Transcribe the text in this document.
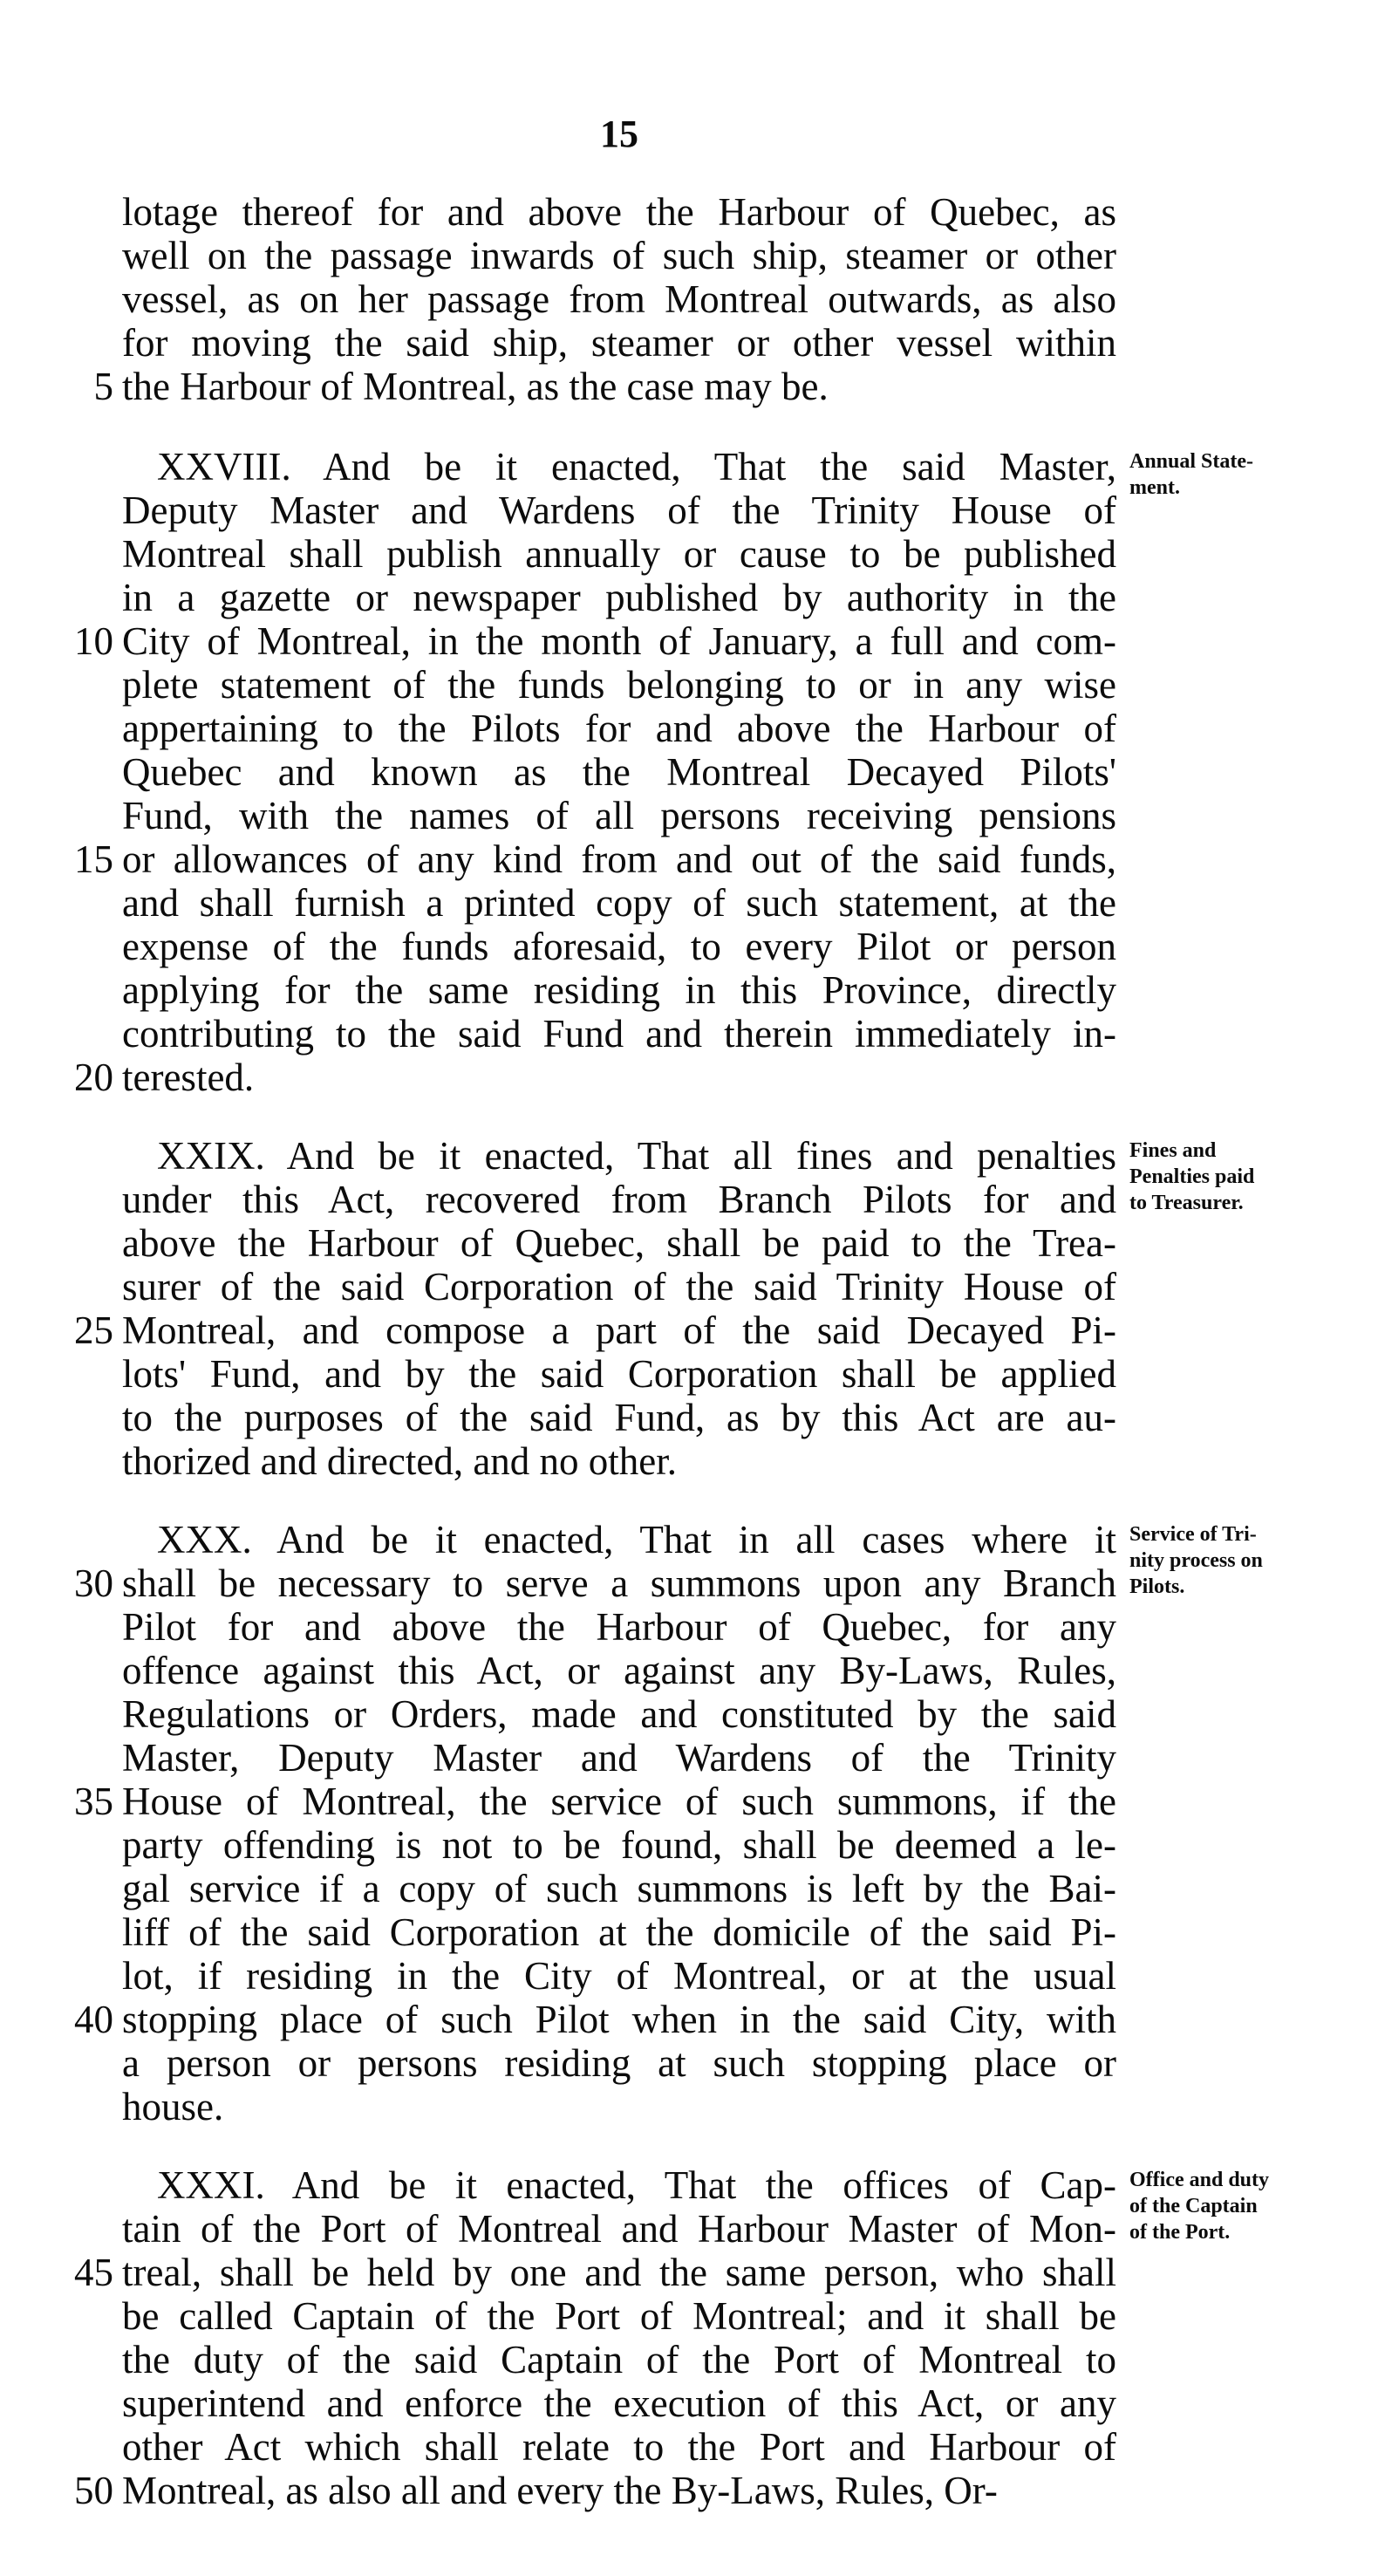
15
lotage thereof for and above the Harbour of Quebec, as
well on the passage inwards of such ship, steamer or other
vessel, as on her passage from Montreal outwards, as also
for moving the said ship, steamer or other vessel within
the Harbour of Montreal, as the case may be.
5
XXVIII. And be it enacted, That the said Master,
Deputy Master and Wardens of the Trinity House of
Montreal shall publish annually or cause to be published
in a gazette or newspaper published by authority in the
City of Montreal, in the month of January, a full and com-
10
plete statement of the funds belonging to or in any wise
appertaining to the Pilots for and above the Harbour of
Quebec and known as the Montreal Decayed Pilots'
Fund, with the names of all persons receiving pensions
or allowances of any kind from and out of the said funds,
15
and shall furnish a printed copy of such statement, at the
expense of the funds aforesaid, to every Pilot or person
applying for the same residing in this Province, directly
contributing to the said Fund and therein immediately in-
terested.
20
Annual State-
ment.
XXIX. And be it enacted, That all fines and penalties
under this Act, recovered from Branch Pilots for and
above the Harbour of Quebec, shall be paid to the Trea-
surer of the said Corporation of the said Trinity House of
Montreal, and compose a part of the said Decayed Pi-
25
lots' Fund, and by the said Corporation shall be applied
to the purposes of the said Fund, as by this Act are au-
thorized and directed, and no other.
Fines and
Penalties paid
to Treasurer.
XXX. And be it enacted, That in all cases where it
shall be necessary to serve a summons upon any Branch
30
Pilot for and above the Harbour of Quebec, for any
offence against this Act, or against any By-Laws, Rules,
Regulations or Orders, made and constituted by the said
Master, Deputy Master and Wardens of the Trinity
House of Montreal, the service of such summons, if the
35
party offending is not to be found, shall be deemed a le-
gal service if a copy of such summons is left by the Bai-
liff of the said Corporation at the domicile of the said Pi-
lot, if residing in the City of Montreal, or at the usual
stopping place of such Pilot when in the said City, with
40
a person or persons residing at such stopping place or
house.
Service of Tri-
nity process on
Pilots.
XXXI. And be it enacted, That the offices of Cap-
tain of the Port of Montreal and Harbour Master of Mon-
treal, shall be held by one and the same person, who shall
45
be called Captain of the Port of Montreal; and it shall be
the duty of the said Captain of the Port of Montreal to
superintend and enforce the execution of this Act, or any
other Act which shall relate to the Port and Harbour of
Montreal, as also all and every the By-Laws, Rules, Or-
50
Office and duty
of the Captain
of the Port.
